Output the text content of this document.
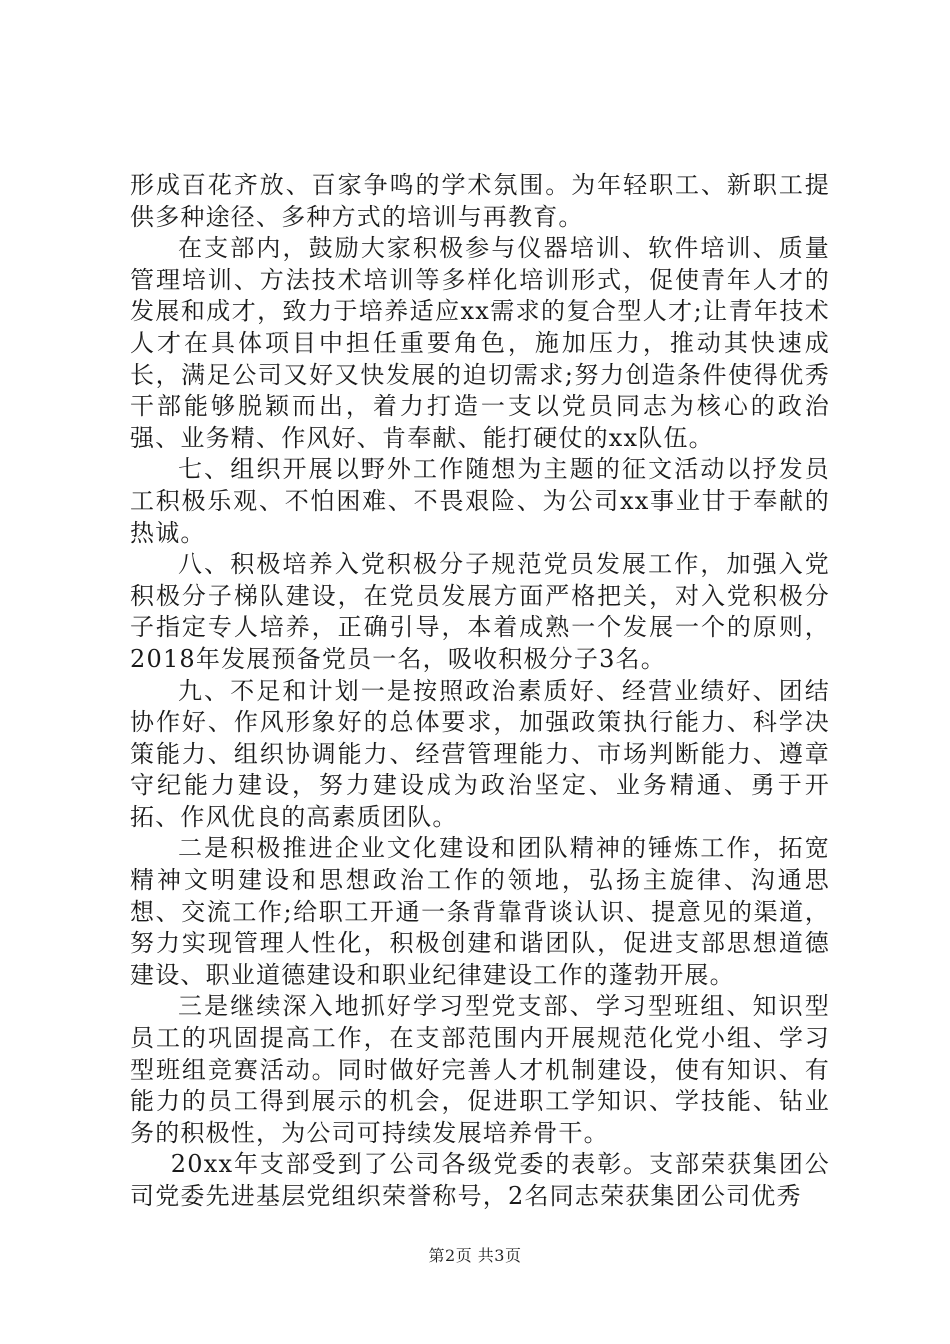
形成百花齐放、百家争鸣的学术氛围。为年轻职工、新职工提供多种途径、多种方式的培训与再教育。

在支部内，鼓励大家积极参与仪器培训、软件培训、质量管理培训、方法技术培训等多样化培训形式，促使青年人才的发展和成才，致力于培养适应xx需求的复合型人才;让青年技术人才在具体项目中担任重要角色，施加压力，推动其快速成长，满足公司又好又快发展的迫切需求;努力创造条件使得优秀干部能够脱颖而出，着力打造一支以党员同志为核心的政治强、业务精、作风好、肯奉献、能打硬仗的xx队伍。

七、组织开展以野外工作随想为主题的征文活动以抒发员工积极乐观、不怕困难、不畏艰险、为公司xx事业甘于奉献的热诚。

八、积极培养入党积极分子规范党员发展工作，加强入党积极分子梯队建设，在党员发展方面严格把关，对入党积极分子指定专人培养，正确引导，本着成熟一个发展一个的原则，2018年发展预备党员一名，吸收积极分子3名。

九、不足和计划一是按照政治素质好、经营业绩好、团结协作好、作风形象好的总体要求，加强政策执行能力、科学决策能力、组织协调能力、经营管理能力、市场判断能力、遵章守纪能力建设，努力建设成为政治坚定、业务精通、勇于开拓、作风优良的高素质团队。

二是积极推进企业文化建设和团队精神的锤炼工作，拓宽精神文明建设和思想政治工作的领地，弘扬主旋律、沟通思想、交流工作;给职工开通一条背靠背谈认识、提意见的渠道，努力实现管理人性化，积极创建和谐团队，促进支部思想道德建设、职业道德建设和职业纪律建设工作的蓬勃开展。

三是继续深入地抓好学习型党支部、学习型班组、知识型员工的巩固提高工作，在支部范围内开展规范化党小组、学习型班组竞赛活动。同时做好完善人才机制建设，使有知识、有能力的员工得到展示的机会，促进职工学知识、学技能、钻业务的积极性，为公司可持续发展培养骨干。

20xx年支部受到了公司各级党委的表彰。支部荣获集团公司党委先进基层党组织荣誉称号，2名同志荣获集团公司优秀

第2页 共3页
